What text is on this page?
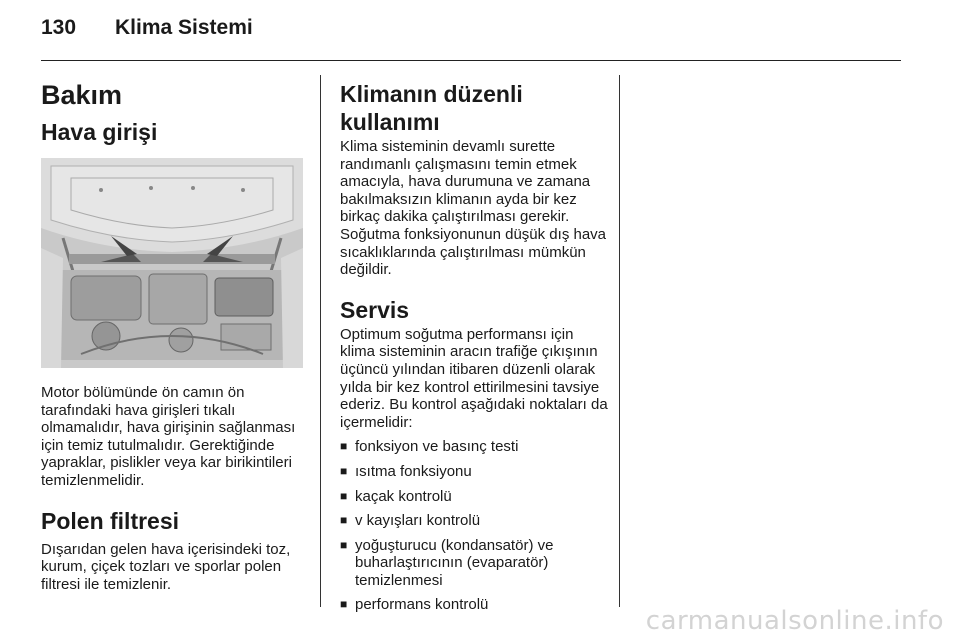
130 Klima Sistemi
Bakım
Hava girişi

Motor bölümünde ön camın ön tarafındaki hava girişleri tıkalı olmamalıdır, hava girişinin sağlanması için temiz tutulmalıdır. Gerektiğinde yapraklar, pislikler veya kar birikintileri temizlenmelidir.

Polen filtresi

Dışarıdan gelen hava içerisindeki toz, kurum, çiçek tozları ve sporlar polen filtresi ile temizlenir.

Klimanın düzenli kullanımı

Klima sisteminin devamlı surette randımanlı çalışmasını temin etmek amacıyla, hava durumuna ve zamana bakılmaksızın klimanın ayda bir kez birkaç dakika çalıştırılması gerekir. Soğutma fonksiyonunun düşük dış hava sıcaklıklarında çalıştırılması mümkün değildir.

Servis

Optimum soğutma performansı için klima sisteminin aracın trafiğe çıkışının üçüncü yılından itibaren düzenli olarak yılda bir kez kontrol ettirilmesini tavsiye ederiz. Bu kontrol aşağıdaki noktaları da içermelidir:

■ fonksiyon ve basınç testi
■ ısıtma fonksiyonu
■ kaçak kontrolü
■ v kayışları kontrolü
■ yoğuşturucu (kondansatör) ve buharlaştırıcının (evaparatör) temizlenmesi
■ performans kontrolü
carmanualsonline.info
